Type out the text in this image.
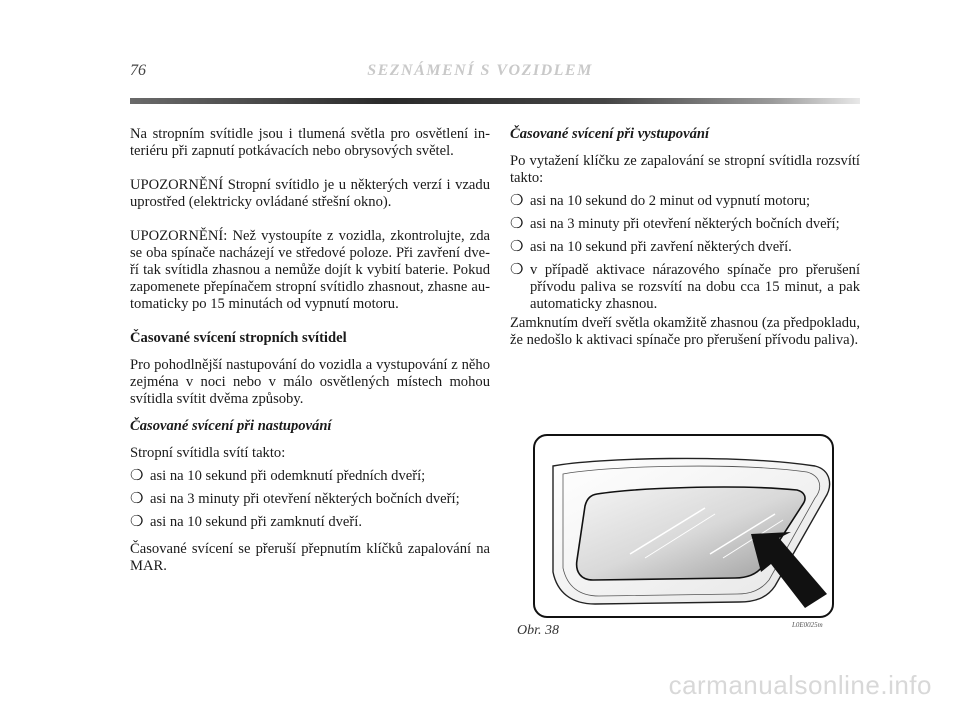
76	SEZNÁMENÍ S VOZIDLEM

Na stropním svítidle jsou i tlumená světla pro osvětlení interiéru při zapnutí potkávacích nebo obrysových světel.

UPOZORNĚNÍ Stropní svítidlo je u některých verzí i vzadu uprostřed (elektricky ovládané střešní okno).

UPOZORNĚNÍ: Než vystoupíte z vozidla, zkontrolujte, zda se oba spínače nacházejí ve středové poloze. Při zavření dveří tak svítidla zhasnou a nemůže dojít k vybití baterie. Pokud zapomenete přepínačem stropní svítidlo zhasnout, zhasne automaticky po 15 minutách od vypnutí motoru.

Časované svícení stropních svítidel

Pro pohodlnější nastupování do vozidla a vystupování z něho zejména v noci nebo v málo osvětlených místech mohou svítidla svítit dvěma způsoby.

Časované svícení při nastupování

Stropní svítidla svítí takto:

❍ asi na 10 sekund při odemknutí předních dveří;
❍ asi na 3 minuty při otevření některých bočních dveří;
❍ asi na 10 sekund při zamknutí dveří.

Časované svícení se přeruší přepnutím klíčků zapalování na MAR.

Časované svícení při vystupování

Po vytažení klíčku ze zapalování se stropní svítidla rozsvítí takto:

❍ asi na 10 sekund do 2 minut od vypnutí motoru;
❍ asi na 3 minuty při otevření některých bočních dveří;
❍ asi na 10 sekund při zavření některých dveří.
❍ v případě aktivace nárazového spínače pro přerušení přívodu paliva se rozsvítí na dobu cca 15 minut, a pak automaticky zhasnou.

Zamknutím dveří světla okamžitě zhasnou (za předpokladu, že nedošlo k aktivaci spínače pro přerušení přívodu paliva).

Obr. 38	L0E0025m
carmanualsonline.info
